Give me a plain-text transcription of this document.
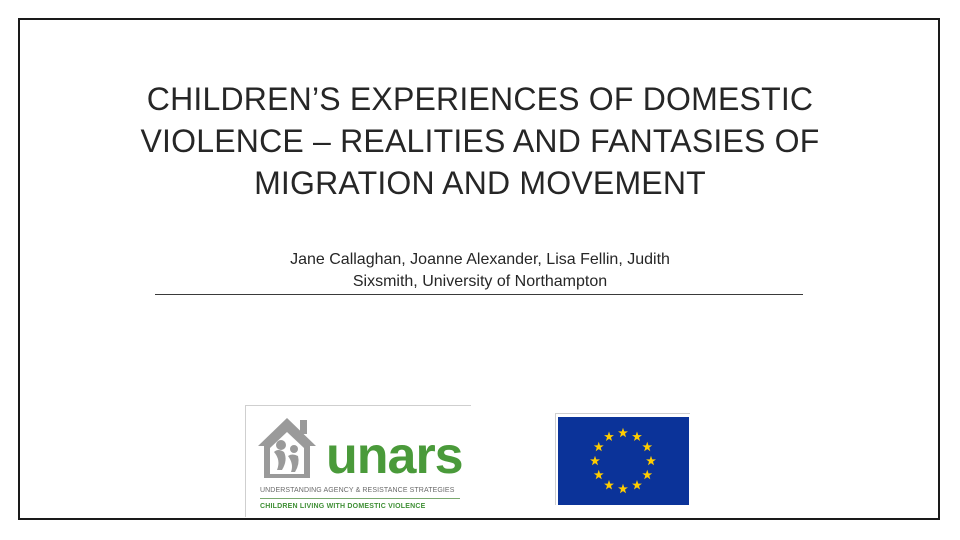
CHILDREN’S EXPERIENCES OF DOMESTIC
VIOLENCE – REALITIES AND FANTASIES OF
MIGRATION AND MOVEMENT
Jane Callaghan, Joanne Alexander, Lisa Fellin, Judith
Sixsmith, University of Northampton
unars
UNDERSTANDING AGENCY & RESISTANCE STRATEGIES
CHILDREN LIVING WITH DOMESTIC VIOLENCE
